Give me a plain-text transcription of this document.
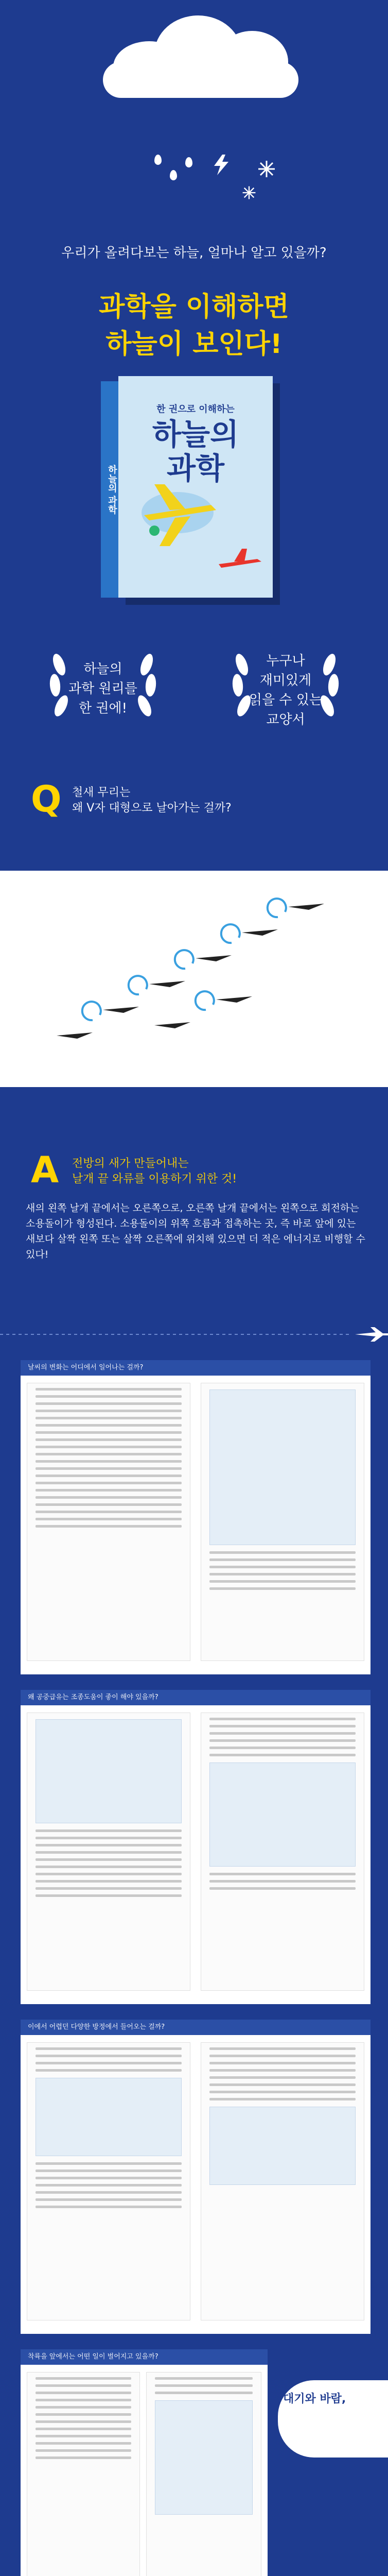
우리가 올려다보는 하늘, 얼마나 알고 있을까?
과학을 이해하면
하늘이 보인다!
하늘의 과학
한 권으로 이해하는
하늘의
과학
하늘의
과학 원리를
한 권에!
누구나
재미있게
읽을 수 있는
교양서
Q 철새 무리는
왜 V자 대형으로 날아가는 걸까?
A 전방의 새가 만들어내는
날개 끝 와류를 이용하기 위한 것!
새의 왼쪽 날개 끝에서는 오른쪽으로, 오른쪽 날개 끝에서는 왼쪽으로 회전하는 소용돌이가 형성된다. 소용돌이의 위쪽 흐름과 접촉하는 곳, 즉 바로 앞에 있는 새보다 살짝 왼쪽 또는 살짝 오른쪽에 위치해 있으면 더 적은 에너지로 비행할 수 있다!
날씨의 변화는 어디에서 일어나는 걸까?
왜 공중급유는 조종도움이 좋이 해야 있을까?
이에서 어렵던 다양한 방정에서 들어오는 걸까?
착륙을 앞에서는 어떤 일이 벌어지고 있을까?
대기와 바람,
